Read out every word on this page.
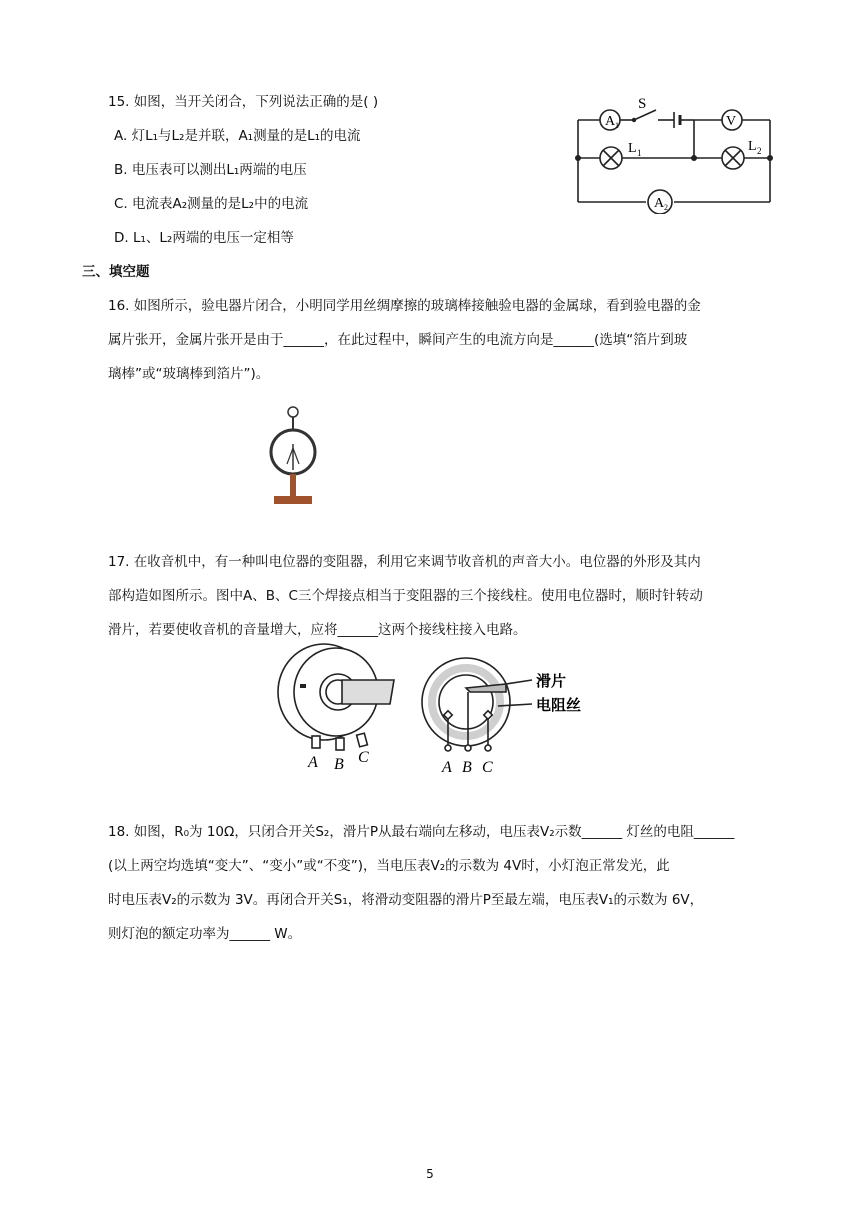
15. 如图，当开关闭合，下列说法正确的是( )
A. 灯L₁与L₂是并联，A₁测量的是L₁的电流
B. 电压表可以测出L₁两端的电压
C. 电流表A₂测量的是L₂中的电流
D. L₁、L₂两端的电压一定相等
A 1	V
S
L 1	L 2
A 2
三、填空题
16. 如图所示，验电器片闭合，小明同学用丝绸摩擦的玻璃棒接触验电器的金属球，看到验电器的金
属片张开，金属片张开是由于______，在此过程中，瞬间产生的电流方向是______(选填“箔片到玻
璃棒”或“玻璃棒到箔片”)。
17. 在收音机中，有一种叫电位器的变阻器，利用它来调节收音机的声音大小。电位器的外形及其内
部构造如图所示。图中A、B、C三个焊接点相当于变阻器的三个接线柱。使用电位器时，顺时针转动
滑片，若要使收音机的音量增大，应将______这两个接线柱接入电路。
滑片
电阻丝
A B C
A B C
18. 如图，R₀为 10Ω，只闭合开关S₂，滑片P从最右端向左移动，电压表V₂示数______ 灯丝的电阻______
(以上两空均选填“变大”、“变小”或“不变”)，当电压表V₂的示数为 4V时，小灯泡正常发光，此
时电压表V₂的示数为 3V。再闭合开关S₁，将滑动变阻器的滑片P至最左端，电压表V₁的示数为 6V，
则灯泡的额定功率为______ W。
5
